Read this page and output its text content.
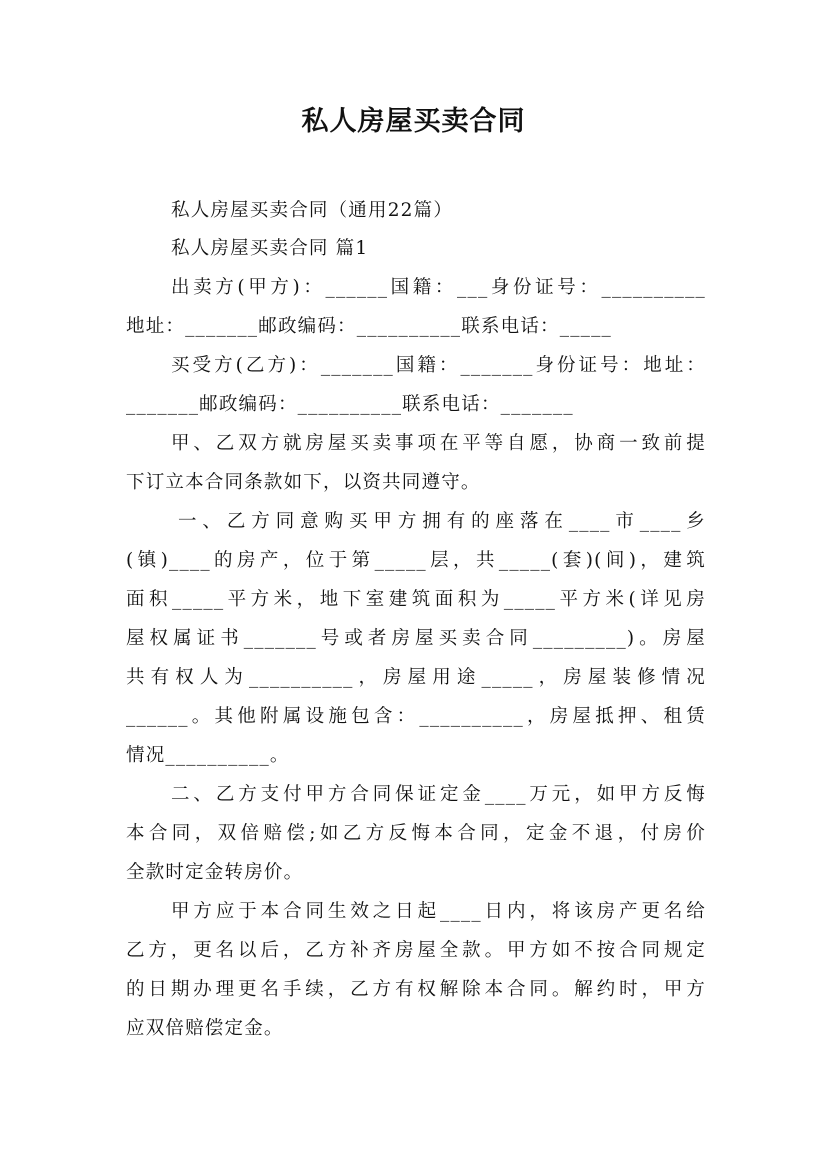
私人房屋买卖合同
私人房屋买卖合同（通用22篇）
私人房屋买卖合同 篇1
出卖方(甲方)：______国籍：___身份证号：__________
地址：_______邮政编码：__________联系电话：_____
买受方(乙方)：_______国籍：_______身份证号：地址：
_______邮政编码：__________联系电话：_______
甲、乙双方就房屋买卖事项在平等自愿，协商一致前提
下订立本合同条款如下，以资共同遵守。
一、乙方同意购买甲方拥有的座落在____市____乡
(镇)____的房产，位于第_____层，共_____(套)(间)，建筑
面积_____平方米，地下室建筑面积为_____平方米(详见房
屋权属证书_______号或者房屋买卖合同_________)。房屋
共有权人为__________，房屋用途_____，房屋装修情况
______。其他附属设施包含：__________，房屋抵押、租赁
情况__________。
二、乙方支付甲方合同保证定金____万元，如甲方反悔
本合同，双倍赔偿;如乙方反悔本合同，定金不退，付房价
全款时定金转房价。
甲方应于本合同生效之日起____日内，将该房产更名给
乙方，更名以后，乙方补齐房屋全款。甲方如不按合同规定
的日期办理更名手续，乙方有权解除本合同。解约时，甲方
应双倍赔偿定金。
